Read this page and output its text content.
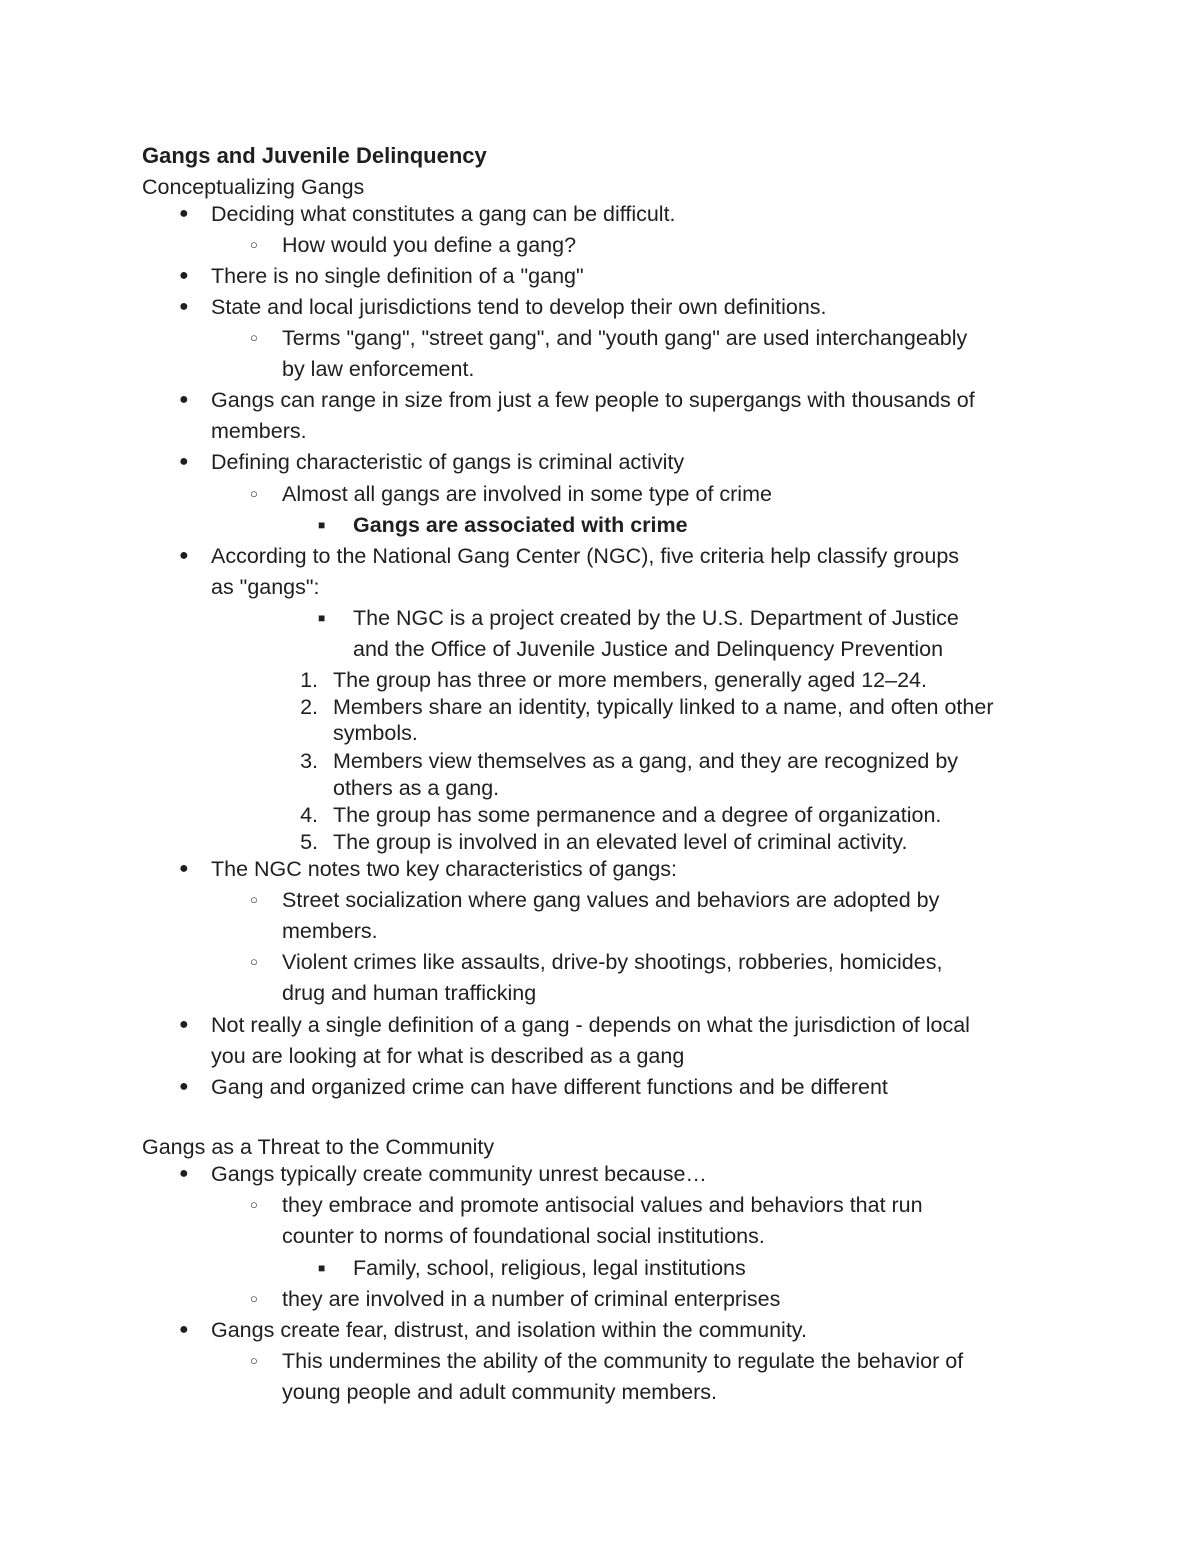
Gangs and Juvenile Delinquency
Conceptualizing Gangs
● Deciding what constitutes a gang can be difficult.
○ How would you define a gang?
● There is no single definition of a "gang"
● State and local jurisdictions tend to develop their own definitions.
○ Terms "gang", "street gang", and "youth gang" are used interchangeably
by law enforcement.
● Gangs can range in size from just a few people to supergangs with thousands of
members.
● Defining characteristic of gangs is criminal activity
○ Almost all gangs are involved in some type of crime
■ Gangs are associated with crime
● According to the National Gang Center (NGC), five criteria help classify groups
as "gangs":
■ The NGC is a project created by the U.S. Department of Justice
and the Office of Juvenile Justice and Delinquency Prevention
1. The group has three or more members, generally aged 12–24.
2. Members share an identity, typically linked to a name, and often other
symbols.
3. Members view themselves as a gang, and they are recognized by
others as a gang.
4. The group has some permanence and a degree of organization.
5. The group is involved in an elevated level of criminal activity.
● The NGC notes two key characteristics of gangs:
○ Street socialization where gang values and behaviors are adopted by
members.
○ Violent crimes like assaults, drive-by shootings, robberies, homicides,
drug and human trafficking
● Not really a single definition of a gang - depends on what the jurisdiction of local
you are looking at for what is described as a gang
● Gang and organized crime can have different functions and be different
Gangs as a Threat to the Community
● Gangs typically create community unrest because…
○ they embrace and promote antisocial values and behaviors that run
counter to norms of foundational social institutions.
■ Family, school, religious, legal institutions
○ they are involved in a number of criminal enterprises
● Gangs create fear, distrust, and isolation within the community.
○ This undermines the ability of the community to regulate the behavior of
young people and adult community members.
